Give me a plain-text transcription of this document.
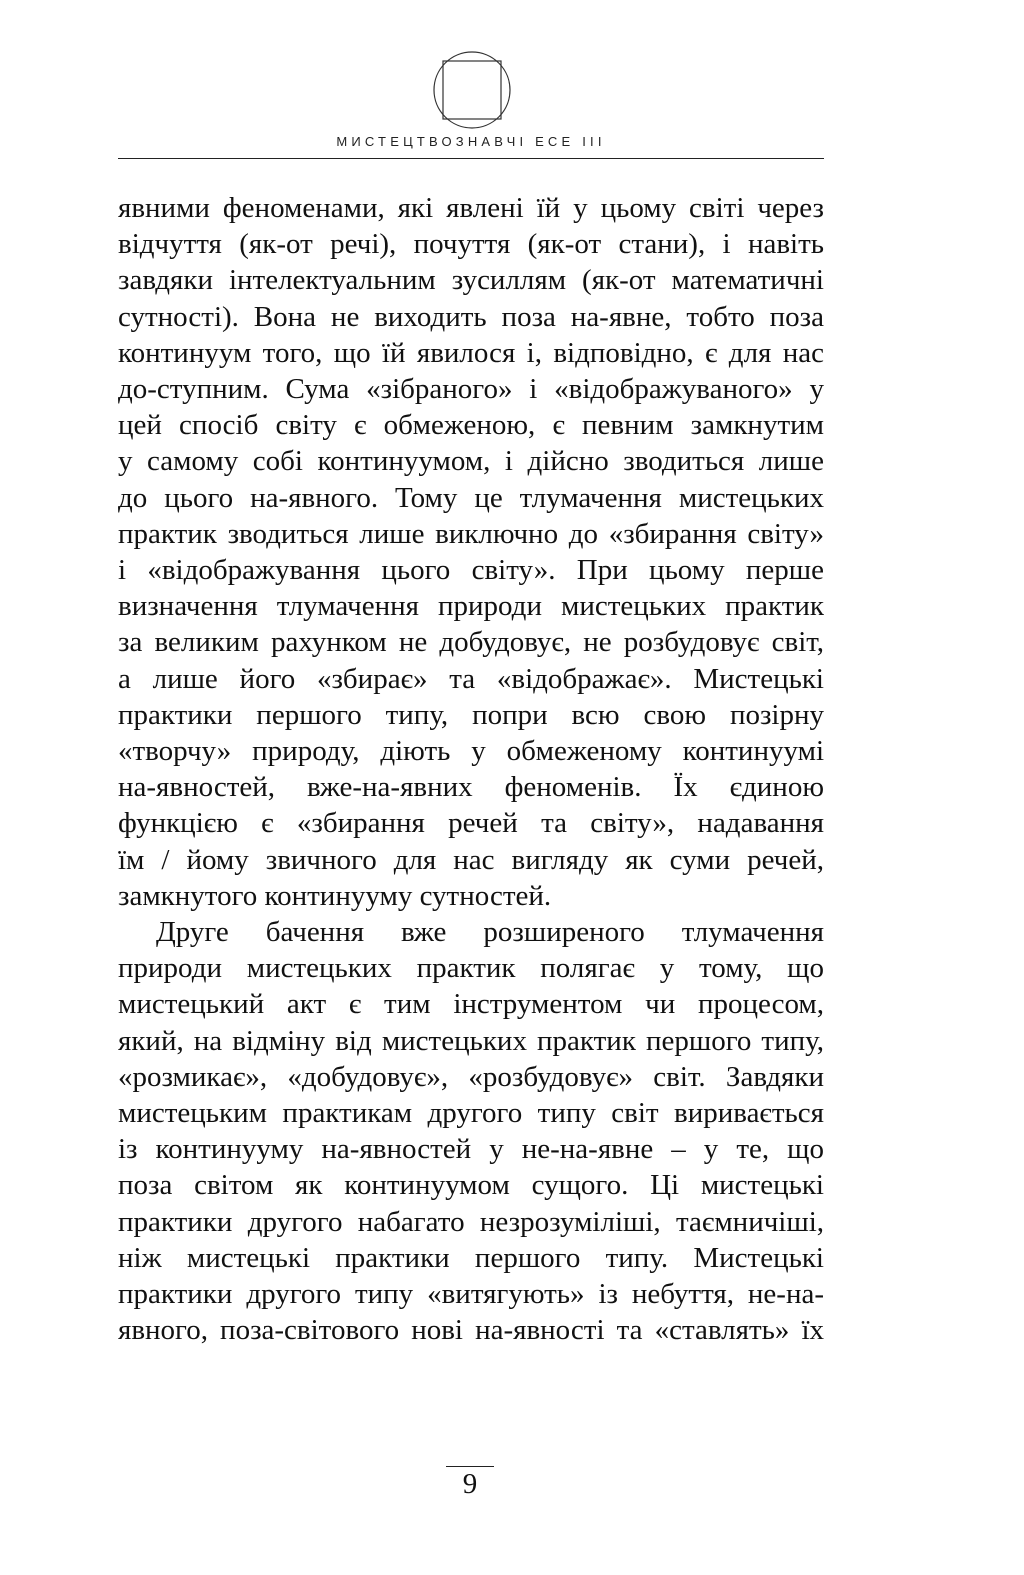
МИСТЕЦТВОЗНАВЧІ ЕСЕ ІІІ

явними феноменами, які явлені їй у цьому світі через
відчуття (як-от речі), почуття (як-от стани), і навіть
завдяки інтелектуальним зусиллям (як-от математичні
сутності). Вона не виходить поза на-явне, тобто поза
континуум того, що їй явилося і, відповідно, є для нас
до-ступним. Сума «зібраного» і «відображуваного» у
цей спосіб світу є обмеженою, є певним замкнутим
у самому собі континуумом, і дійсно зводиться лише
до цього на-явного. Тому це тлумачення мистецьких
практик зводиться лише виключно до «збирання світу»
і «відображування цього світу». При цьому перше
визначення тлумачення природи мистецьких практик
за великим рахунком не добудовує, не розбудовує світ,
а лише його «збирає» та «відображає». Мистецькі
практики першого типу, попри всю свою позірну
«творчу» природу, діють у обмеженому континуумі
на-явностей, вже-на-явних феноменів. Їх єдиною
функцією є «збирання речей та світу», надавання
їм / йому звичного для нас вигляду як суми речей,
замкнутого континууму сутностей.

Друге бачення вже розширеного тлумачення
природи мистецьких практик полягає у тому, що
мистецький акт є тим інструментом чи процесом,
який, на відміну від мистецьких практик першого типу,
«розмикає», «добудовує», «розбудовує» світ. Завдяки
мистецьким практикам другого типу світ виривається
із континууму на-явностей у не-на-явне – у те, що
поза світом як континуумом сущого. Ці мистецькі
практики другого набагато незрозуміліші, таємничіші,
ніж мистецькі практики першого типу. Мистецькі
практики другого типу «витягують» із небуття, не-на-
явного, поза-світового нові на-явності та «ставлять» їх

9
